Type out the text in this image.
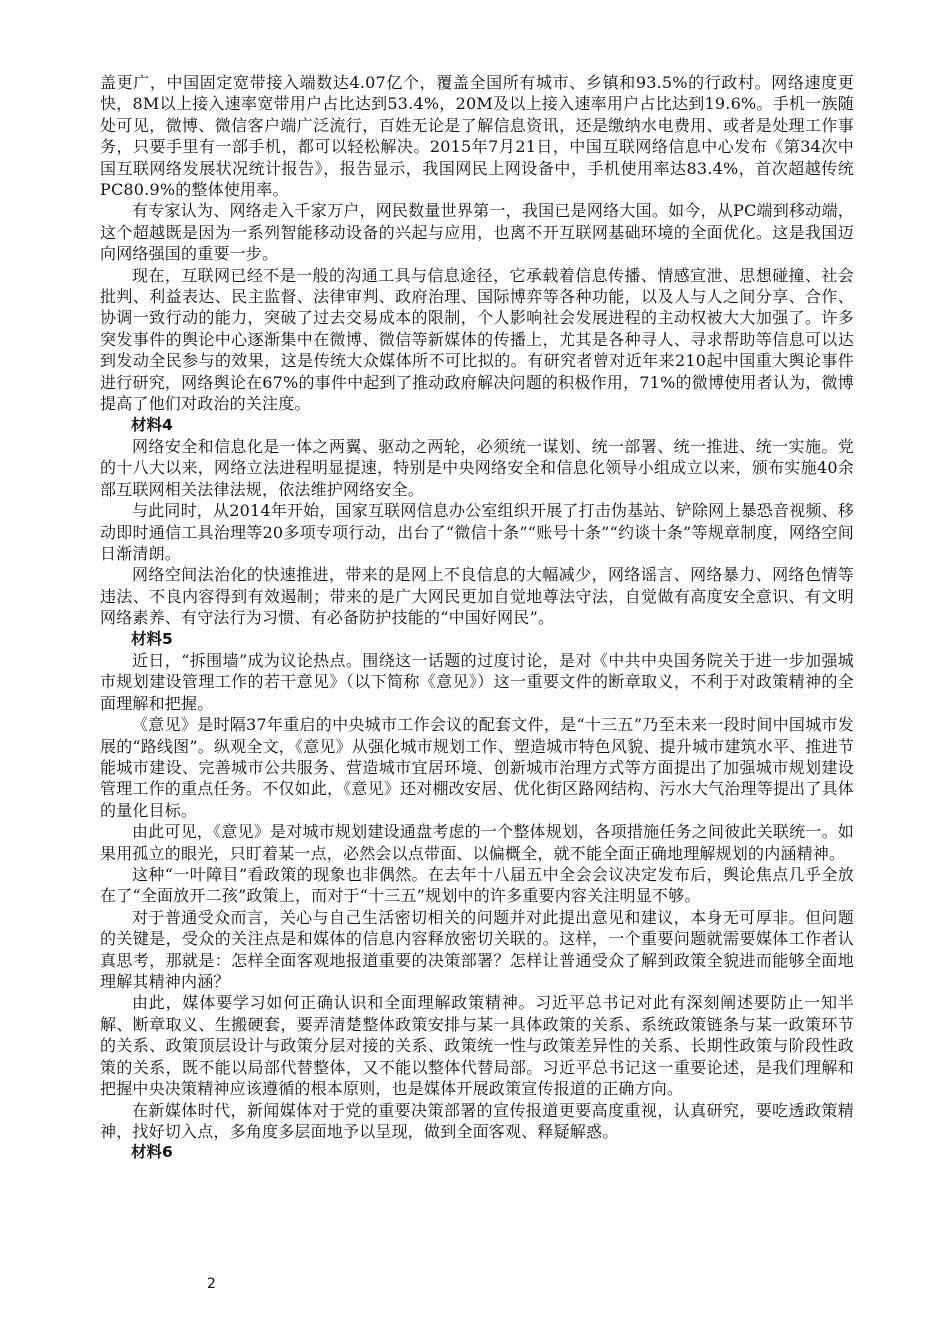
盖更广，中国固定宽带接入端数达4.07亿个，覆盖全国所有城市、乡镇和93.5%的行政村。网络速度更快，8M以上接入速率宽带用户占比达到53.4%，20M及以上接入速率用户占比达到19.6%。手机一族随处可见，微博、微信客户端广泛流行，百姓无论是了解信息资讯，还是缴纳水电费用、或者是处理工作事务，只要手里有一部手机，都可以轻松解决。2015年7月21日，中国互联网络信息中心发布《第34次中国互联网络发展状况统计报告》，报告显示，我国网民上网设备中，手机使用率达83.4%，首次超越传统PC80.9%的整体使用率。

有专家认为、网络走入千家万户，网民数量世界第一，我国已是网络大国。如今，从PC端到移动端，这个超越既是因为一系列智能移动设备的兴起与应用，也离不开互联网基础环境的全面优化。这是我国迈向网络强国的重要一步。

现在，互联网已经不是一般的沟通工具与信息途径，它承载着信息传播、情感宣泄、思想碰撞、社会批判、利益表达、民主监督、法律审判、政府治理、国际博弈等各种功能，以及人与人之间分享、合作、协调一致行动的能力，突破了过去交易成本的限制，个人影响社会发展进程的主动权被大大加强了。许多突发事件的舆论中心逐渐集中在微博、微信等新媒体的传播上，尤其是各种寻人、寻求帮助等信息可以达到发动全民参与的效果，这是传统大众媒体所不可比拟的。有研究者曾对近年来210起中国重大舆论事件进行研究，网络舆论在67%的事件中起到了推动政府解决问题的积极作用，71%的微博使用者认为，微博提高了他们对政治的关注度。

材料4

网络安全和信息化是一体之两翼、驱动之两轮，必须统一谋划、统一部署、统一推进、统一实施。党的十八大以来，网络立法进程明显提速，特别是中央网络安全和信息化领导小组成立以来，颁布实施40余部互联网相关法律法规，依法维护网络安全。

与此同时，从2014年开始，国家互联网信息办公室组织开展了打击伪基站、铲除网上暴恐音视频、移动即时通信工具治理等20多项专项行动，出台了“微信十条”“账号十条”“约谈十条”等规章制度，网络空间日渐清朗。

网络空间法治化的快速推进，带来的是网上不良信息的大幅减少，网络谣言、网络暴力、网络色情等违法、不良内容得到有效遏制；带来的是广大网民更加自觉地尊法守法，自觉做有高度安全意识、有文明网络素养、有守法行为习惯、有必备防护技能的“中国好网民”。

材料5

近日，“拆围墙”成为议论热点。围绕这一话题的过度讨论，是对《中共中央国务院关于进一步加强城市规划建设管理工作的若干意见》（以下简称《意见》）这一重要文件的断章取义，不利于对政策精神的全面理解和把握。

《意见》是时隔37年重启的中央城市工作会议的配套文件，是“十三五”乃至未来一段时间中国城市发展的“路线图”。纵观全文，《意见》从强化城市规划工作、塑造城市特色风貌、提升城市建筑水平、推进节能城市建设、完善城市公共服务、营造城市宜居环境、创新城市治理方式等方面提出了加强城市规划建设管理工作的重点任务。不仅如此，《意见》还对棚改安居、优化街区路网结构、污水大气治理等提出了具体的量化目标。

由此可见，《意见》是对城市规划建设通盘考虑的一个整体规划，各项措施任务之间彼此关联统一。如果用孤立的眼光，只盯着某一点，必然会以点带面、以偏概全，就不能全面正确地理解规划的内涵精神。

这种“一叶障目”看政策的现象也非偶然。在去年十八届五中全会会议决定发布后，舆论焦点几乎全放在了“全面放开二孩”政策上，而对于“十三五”规划中的许多重要内容关注明显不够。

对于普通受众而言，关心与自己生活密切相关的问题并对此提出意见和建议，本身无可厚非。但问题的关键是，受众的关注点是和媒体的信息内容释放密切关联的。这样，一个重要问题就需要媒体工作者认真思考，那就是：怎样全面客观地报道重要的决策部署？怎样让普通受众了解到政策全貌进而能够全面地理解其精神内涵？

由此，媒体要学习如何正确认识和全面理解政策精神。习近平总书记对此有深刻阐述要防止一知半解、断章取义、生搬硬套，要弄清楚整体政策安排与某一具体政策的关系、系统政策链条与某一政策环节的关系、政策顶层设计与政策分层对接的关系、政策统一性与政策差异性的关系、长期性政策与阶段性政策的关系，既不能以局部代替整体，又不能以整体代替局部。习近平总书记这一重要论述，是我们理解和把握中央决策精神应该遵循的根本原则，也是媒体开展政策宣传报道的正确方向。

在新媒体时代，新闻媒体对于党的重要决策部署的宣传报道更要高度重视，认真研究，要吃透政策精神，找好切入点，多角度多层面地予以呈现，做到全面客观、释疑解惑。

材料6

2
